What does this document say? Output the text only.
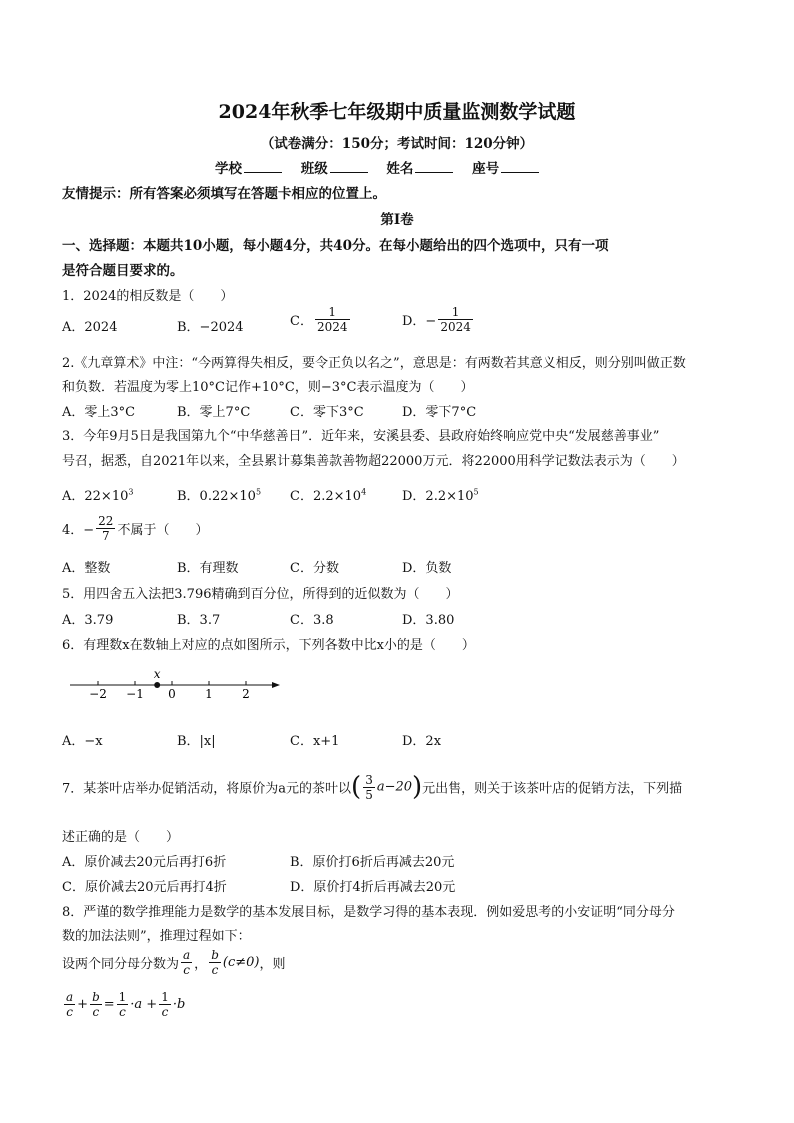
2024年秋季七年级期中质量监测数学试题
（试卷满分：150分；考试时间：120分钟）
学校	班级	姓名	座号
友情提示：所有答案必须填写在答题卡相应的位置上。
第Ⅰ卷
一、选择题：本题共10小题，每小题4分，共40分。在每小题给出的四个选项中，只有一项
是符合题目要求的。
1．2024的相反数是（　　）
A．2024	B．−2024	C． $\frac{1}{2024}$	D．− $\frac{1}{2024}$
2.《九章算术》中注：“今两算得失相反，要令正负以名之”，意思是：有两数若其意义相反，则分别叫做正数
和负数．若温度为零上10°C记作+10°C，则−3°C表示温度为（　　）
A．零上3°C	B．零上7°C	C．零下3°C	D．零下7°C
3．今年9月5日是我国第九个“中华慈善日”．近年来，安溪县委、县政府始终响应党中央“发展慈善事业”
号召，据悉，自2021年以来，全县累计募集善款善物超22000万元．将22000用科学记数法表示为（　　）
A．$22\times 10^3$	B．$0.22\times 10^5$ C．$2.2\times 10^4$	D．$2.2\times 10^5$
4．− $\frac{22}{7}$ 不属于（　　）
A．整数	B．有理数	C．分数	D．负数
5．用四舍五入法把3.796精确到百分位，所得到的近似数为（　　）
A．3.79	B．3.7	C．3.8	D．3.80
6．有理数x在数轴上对应的点如图所示，下列各数中比x小的是（　　）
−2 −1 0 1 2
x
A．−x	B．|x|	C．x+1	D．2x
7．某茶叶店举办促销活动，将原价为a元的茶叶以( $\frac{3}{5} a-20$)元出售，则关于该茶叶店的促销方法，下列描
述正确的是（　　）
A．原价减去20元后再打6折	B．原价打6折后再减去20元
C．原价减去20元后再打4折	D．原价打4折后再减去20元
8．严谨的数学推理能力是数学的基本发展目标，是数学习得的基本表现．例如爱思考的小安证明“同分母分
数的加法法则”，推理过程如下：
设两个同分母分数为 $\frac{a}{c}$ ， $\frac{b}{c} (c\ne 0)$，则
$\frac{a}{c} + \frac{b}{c} = \frac{1}{c} \cdot a + \frac{1}{c} \cdot b$
